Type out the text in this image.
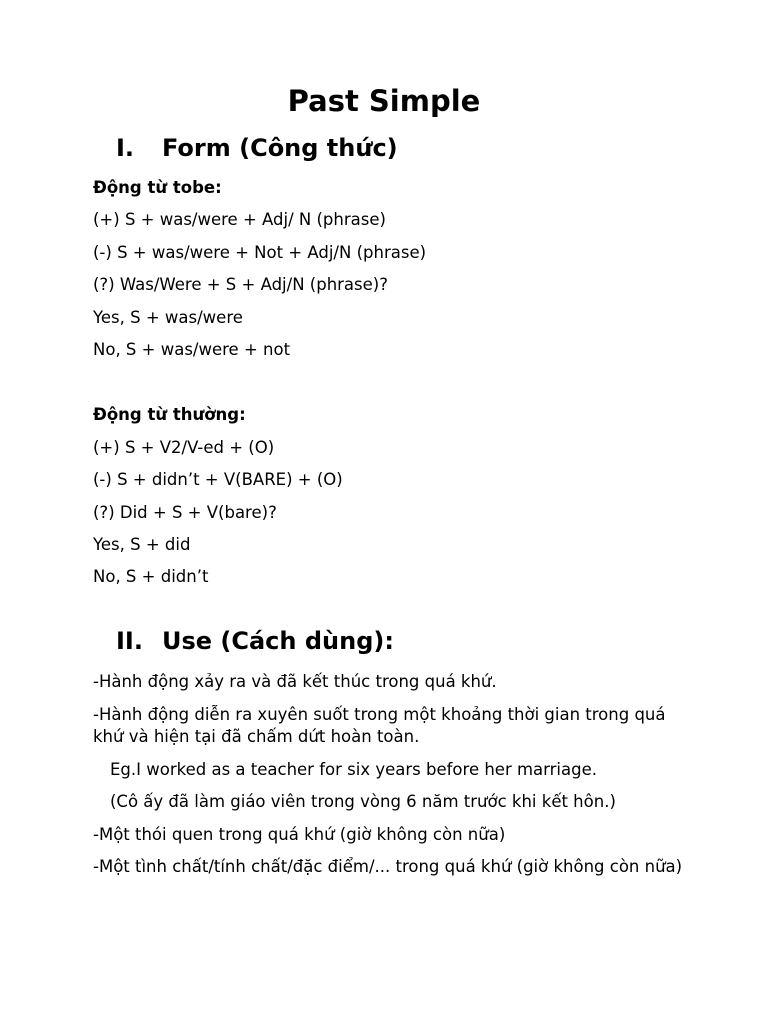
Past Simple
I. Form (Công thức)

Động từ tobe:

(+) S + was/were + Adj/ N (phrase)

(-) S + was/were + Not + Adj/N (phrase)

(?) Was/Were + S + Adj/N (phrase)?

Yes, S + was/were

No, S + was/were + not

Động từ thường:

(+) S + V2/V-ed + (O)

(-) S + didn’t + V(BARE) + (O)

(?) Did + S + V(bare)?

Yes, S + did

No, S + didn’t

II. Use (Cách dùng):

-Hành động xảy ra và đã kết thúc trong quá khứ.

-Hành động diễn ra xuyên suốt trong một khoảng thời gian trong quá khứ và hiện tại đã chấm dứt hoàn toàn.

Eg.I worked as a teacher for six years before her marriage.

(Cô ấy đã làm giáo viên trong vòng 6 năm trước khi kết hôn.)

-Một thói quen trong quá khứ (giờ không còn nữa)

-Một tình chất/tính chất/đặc điểm/... trong quá khứ (giờ không còn nữa)
